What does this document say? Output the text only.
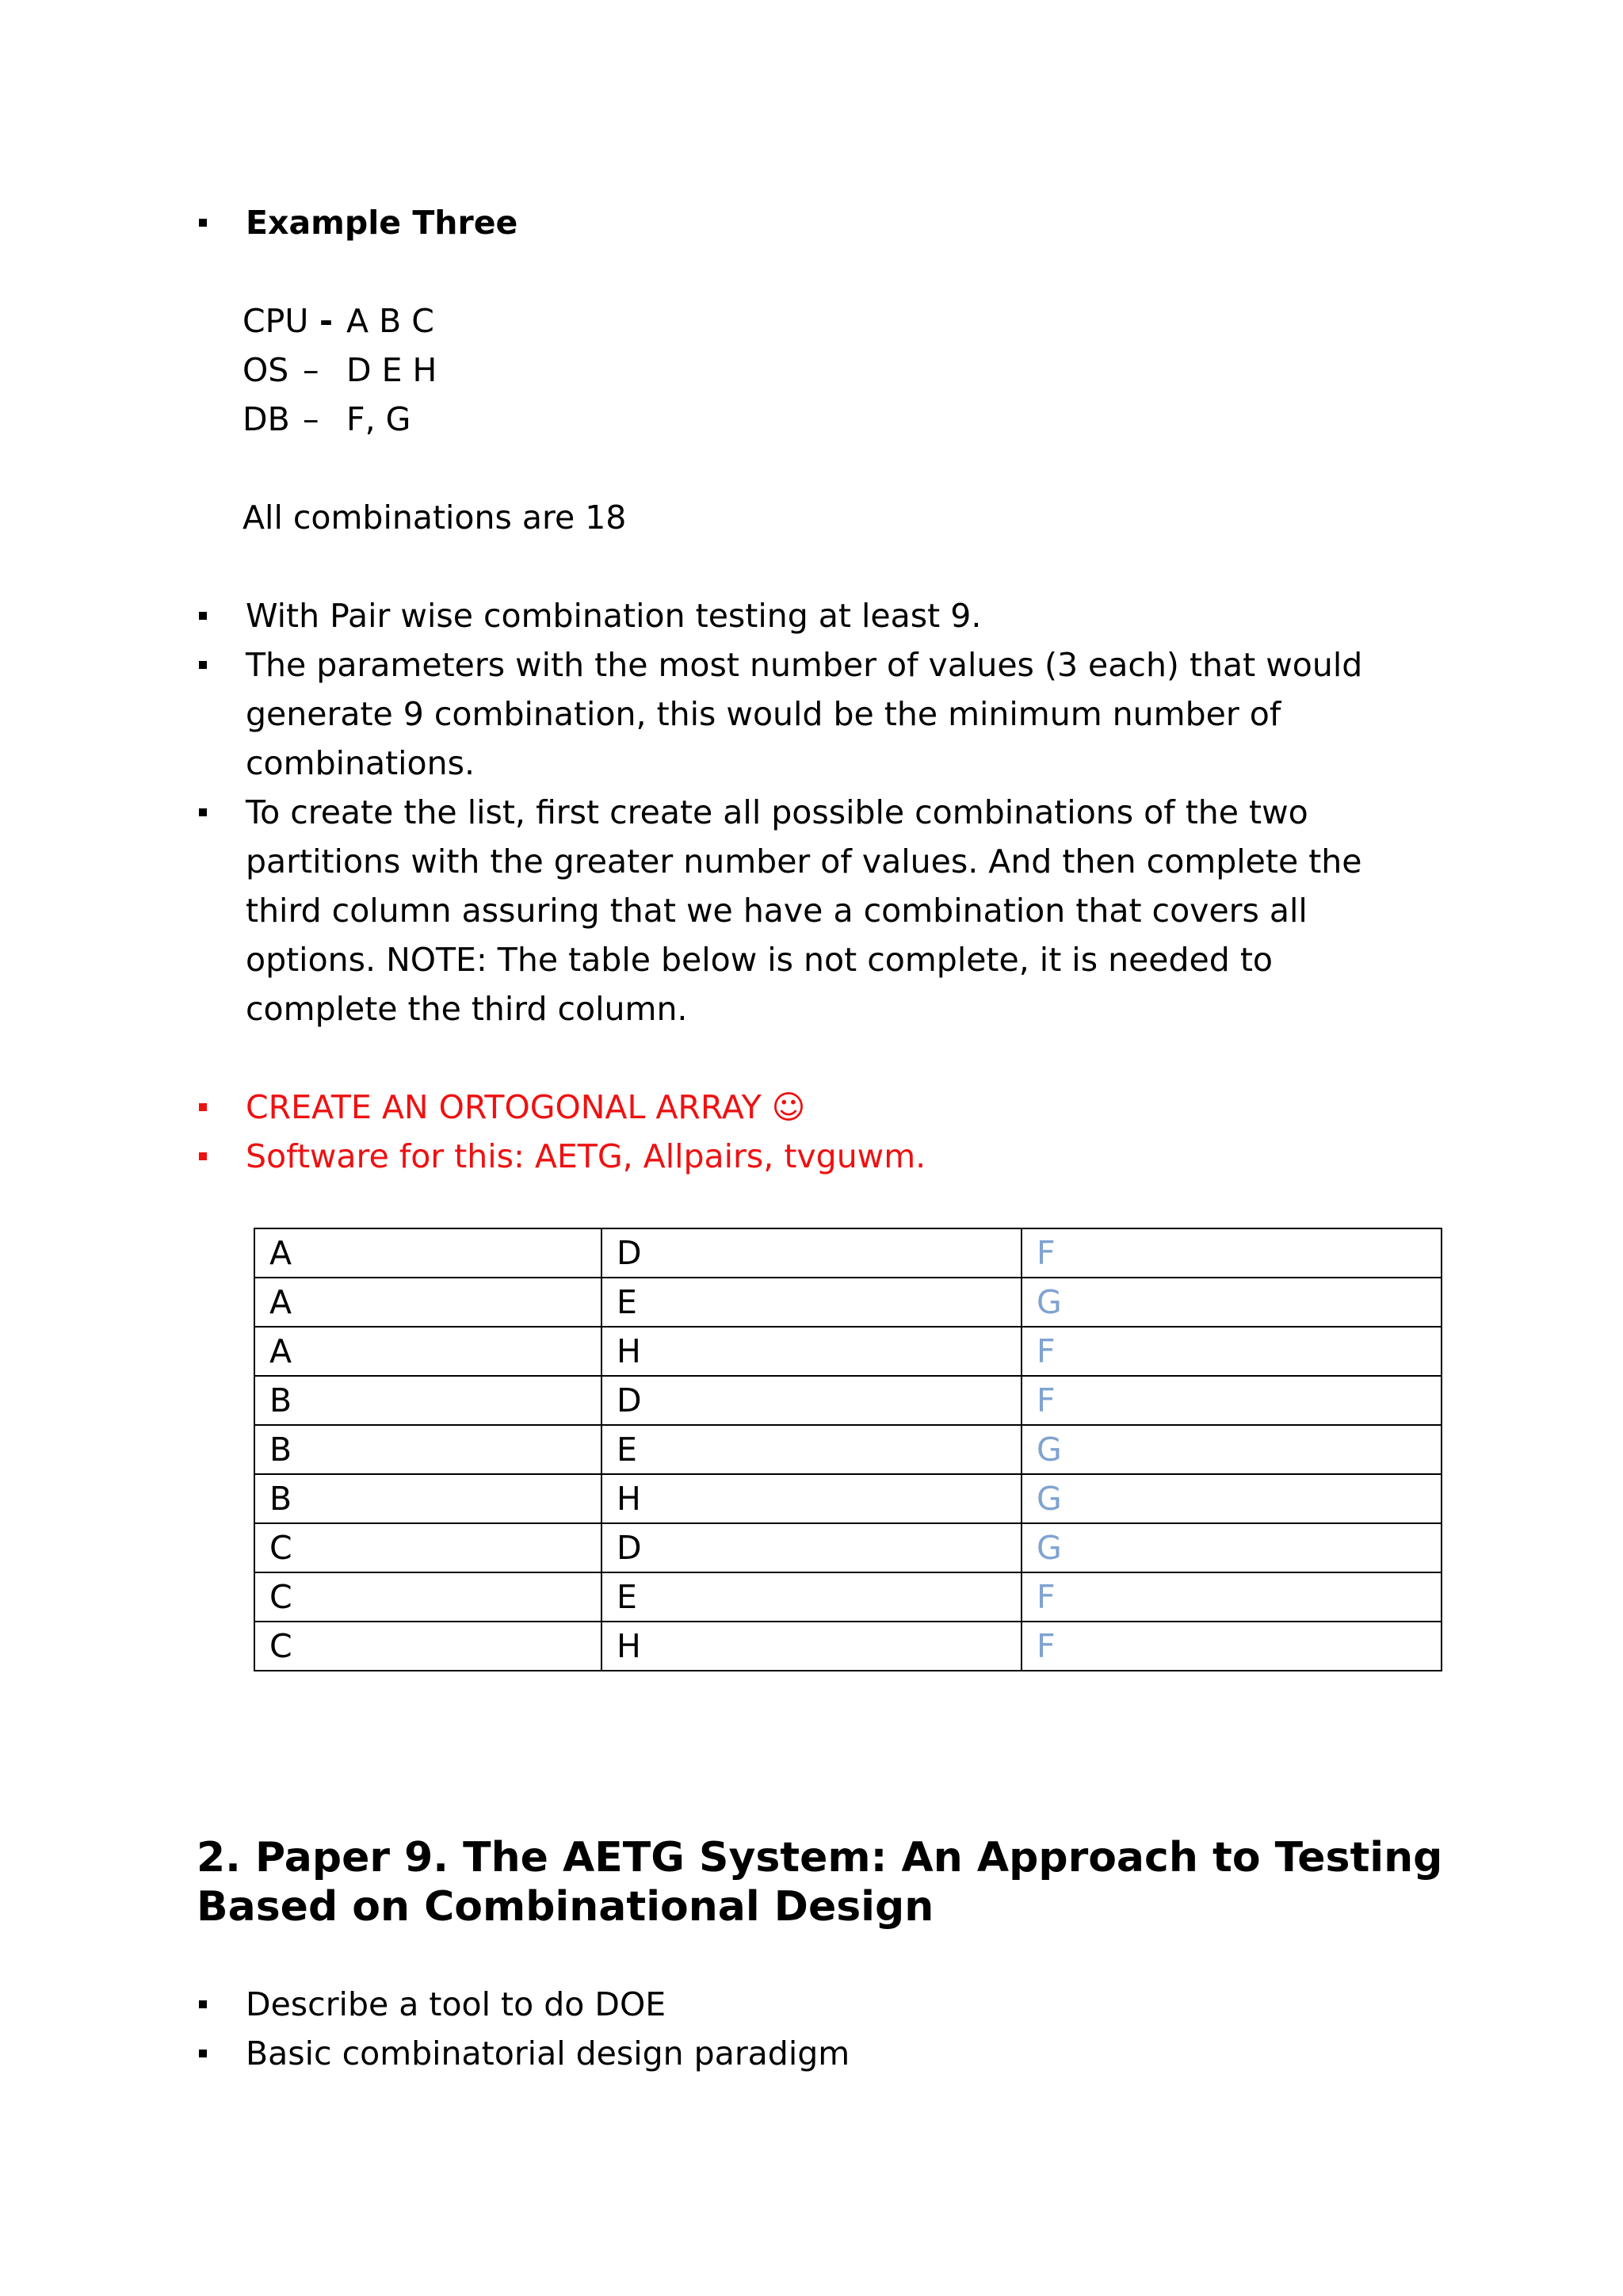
Example Three
CPU - A B C
OS – D E H
DB – F, G
All combinations are 18
With Pair wise combination testing at least 9.
The parameters with the most number of values (3 each) that would
generate 9 combination, this would be the minimum number of
combinations.
To create the list, first create all possible combinations of the two
partitions with the greater number of values. And then complete the
third column assuring that we have a combination that covers all
options. NOTE: The table below is not complete, it is needed to
complete the third column.
CREATE AN ORTOGONAL ARRAY ☺
Software for this: AETG, Allpairs, tvguwm.
A	D	F
A	E	G
A	H	F
B	D	F
B	E	G
B	H	G
C	D	G
C	E	F
C	H	F
2. Paper 9. The AETG System: An Approach to Testing
Based on Combinational Design
Describe a tool to do DOE
Basic combinatorial design paradigm
